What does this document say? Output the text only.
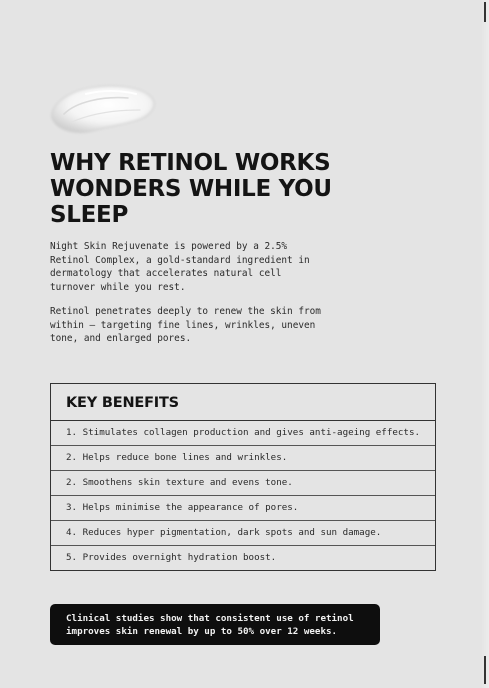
WHY RETINOL WORKS
WONDERS WHILE YOU
SLEEP

Night Skin Rejuvenate is powered by a 2.5%
Retinol Complex, a gold-standard ingredient in
dermatology that accelerates natural cell
turnover while you rest.

Retinol penetrates deeply to renew the skin from
within — targeting fine lines, wrinkles, uneven
tone, and enlarged pores.

KEY BENEFITS
1. Stimulates collagen production and gives anti-ageing effects.
2. Helps reduce bone lines and wrinkles.
2. Smoothens skin texture and evens tone.
3. Helps minimise the appearance of pores.
4. Reduces hyper pigmentation, dark spots and sun damage.
5. Provides overnight hydration boost.
Clinical studies show that consistent use of retinol
improves skin renewal by up to 50% over 12 weeks.
